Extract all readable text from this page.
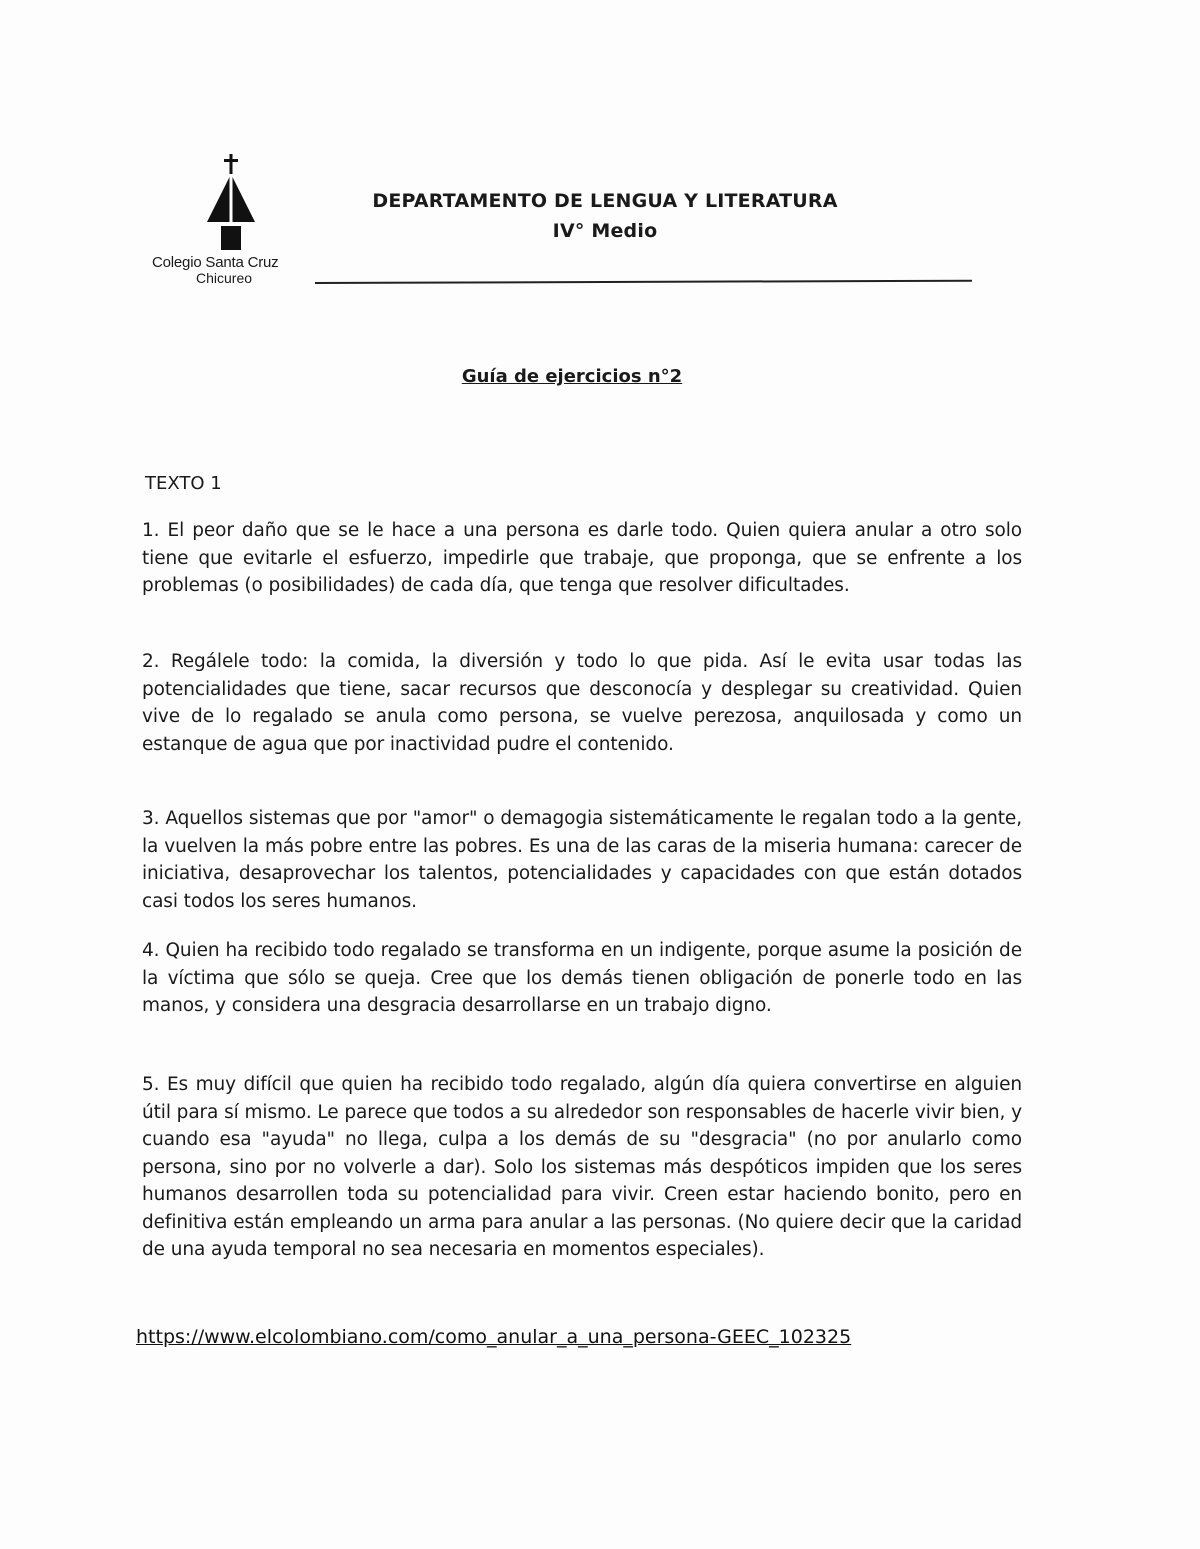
Colegio Santa Cruz
Chicureo
DEPARTAMENTO DE LENGUA Y LITERATURA
IV° Medio
Guía de ejercicios n°2
TEXTO 1

1. El peor daño que se le hace a una persona es darle todo. Quien quiera anular a otro solo tiene que evitarle el esfuerzo, impedirle que trabaje, que proponga, que se enfrente a los problemas (o posibilidades) de cada día, que tenga que resolver dificultades.

2. Regálele todo: la comida, la diversión y todo lo que pida. Así le evita usar todas las potencialidades que tiene, sacar recursos que desconocía y desplegar su creatividad. Quien vive de lo regalado se anula como persona, se vuelve perezosa, anquilosada y como un estanque de agua que por inactividad pudre el contenido.

3. Aquellos sistemas que por "amor" o demagogia sistemáticamente le regalan todo a la gente, la vuelven la más pobre entre las pobres. Es una de las caras de la miseria humana: carecer de iniciativa, desaprovechar los talentos, potencialidades y capacidades con que están dotados casi todos los seres humanos.

4. Quien ha recibido todo regalado se transforma en un indigente, porque asume la posición de la víctima que sólo se queja. Cree que los demás tienen obligación de ponerle todo en las manos, y considera una desgracia desarrollarse en un trabajo digno.

5. Es muy difícil que quien ha recibido todo regalado, algún día quiera convertirse en alguien útil para sí mismo. Le parece que todos a su alrededor son responsables de hacerle vivir bien, y cuando esa "ayuda" no llega, culpa a los demás de su "desgracia" (no por anularlo como persona, sino por no volverle a dar). Solo los sistemas más despóticos impiden que los seres humanos desarrollen toda su potencialidad para vivir. Creen estar haciendo bonito, pero en definitiva están empleando un arma para anular a las personas. (No quiere decir que la caridad de una ayuda temporal no sea necesaria en momentos especiales).

https://www.elcolombiano.com/como_anular_a_una_persona-GEEC_102325
